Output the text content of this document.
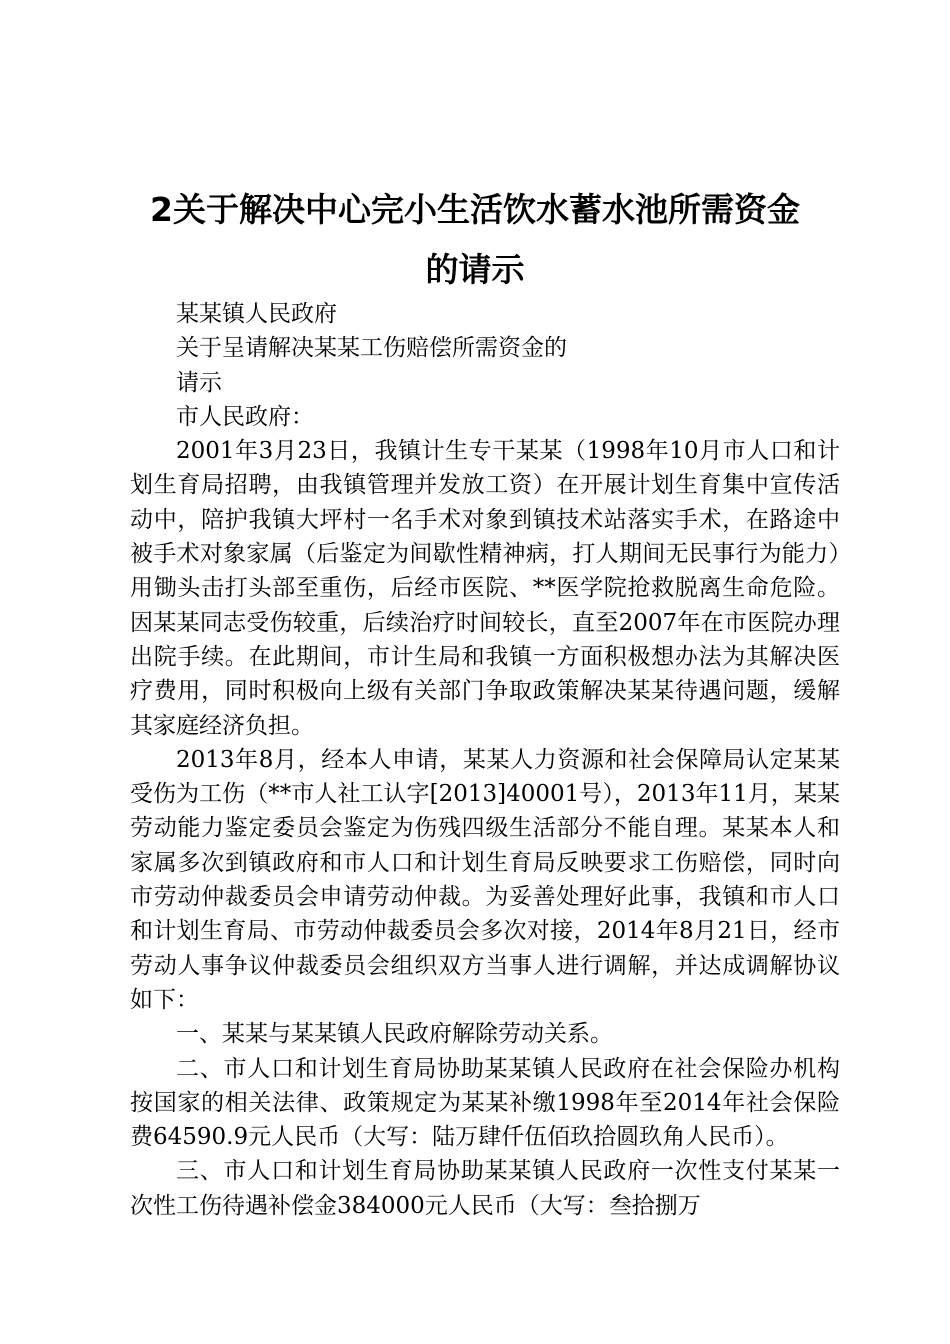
2关于解决中心完小生活饮水蓄水池所需资金
的请示

某某镇人民政府

关于呈请解决某某工伤赔偿所需资金的

请示

市人民政府：

2001年3月23日，我镇计生专干某某（1998年10月市人口和计划生育局招聘，由我镇管理并发放工资）在开展计划生育集中宣传活动中，陪护我镇大坪村一名手术对象到镇技术站落实手术，在路途中被手术对象家属（后鉴定为间歇性精神病，打人期间无民事行为能力）用锄头击打头部至重伤，后经市医院、**医学院抢救脱离生命危险。因某某同志受伤较重，后续治疗时间较长，直至2007年在市医院办理出院手续。在此期间，市计生局和我镇一方面积极想办法为其解决医疗费用，同时积极向上级有关部门争取政策解决某某待遇问题，缓解其家庭经济负担。

2013年8月，经本人申请，某某人力资源和社会保障局认定某某受伤为工伤（**市人社工认字[2013]40001号），2013年11月，某某劳动能力鉴定委员会鉴定为伤残四级生活部分不能自理。某某本人和家属多次到镇政府和市人口和计划生育局反映要求工伤赔偿，同时向市劳动仲裁委员会申请劳动仲裁。为妥善处理好此事，我镇和市人口和计划生育局、市劳动仲裁委员会多次对接，2014年8月21日，经市劳动人事争议仲裁委员会组织双方当事人进行调解，并达成调解协议如下：

一、某某与某某镇人民政府解除劳动关系。

二、市人口和计划生育局协助某某镇人民政府在社会保险办机构按国家的相关法律、政策规定为某某补缴1998年至2014年社会保险费64590.9元人民币（大写：陆万肆仟伍佰玖拾圆玖角人民币）。

三、市人口和计划生育局协助某某镇人民政府一次性支付某某一次性工伤待遇补偿金384000元人民币（大写：叁拾捌万
